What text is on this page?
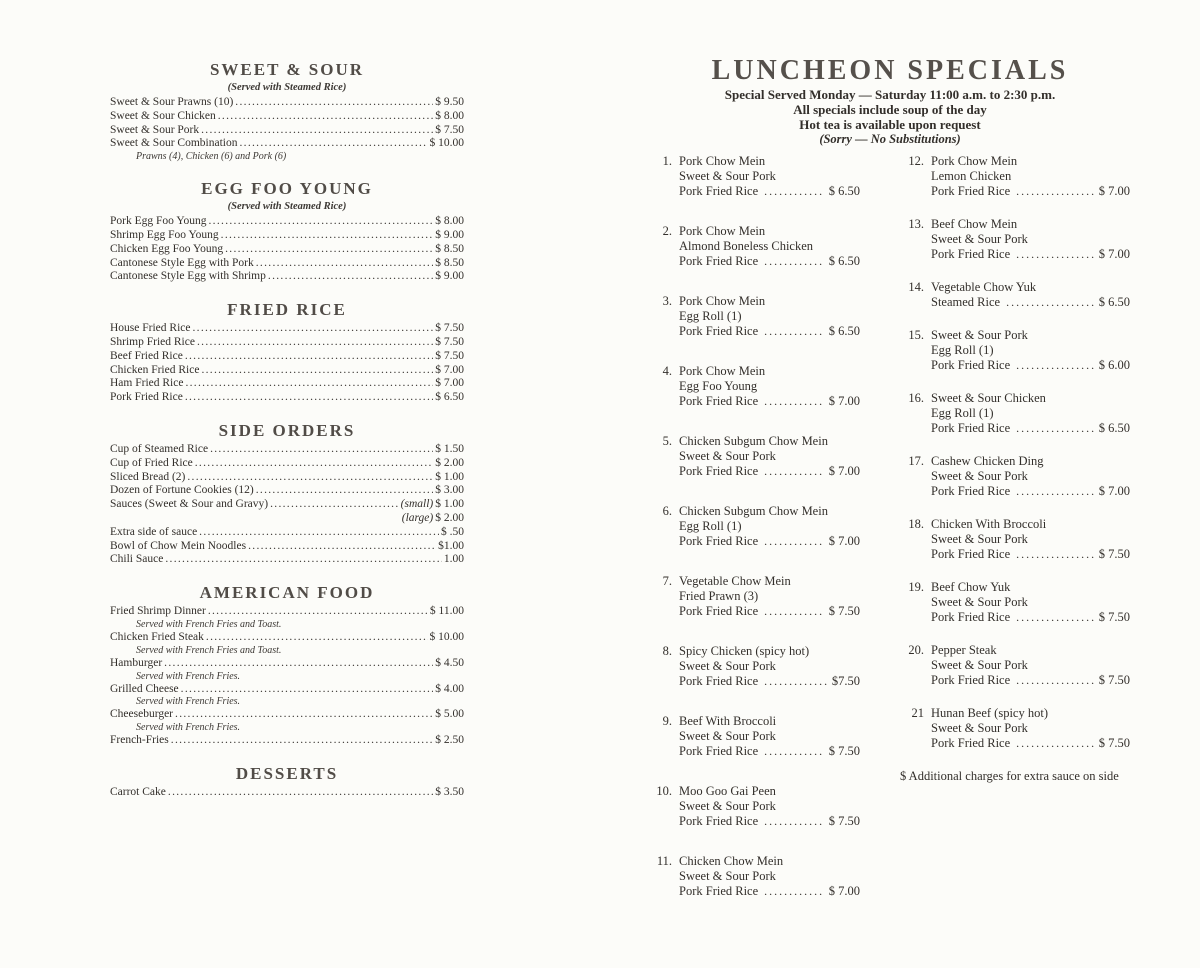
SWEET & SOUR
(Served with Steamed Rice)
Sweet & Sour Prawns (10) .....	$ 9.50
Sweet & Sour Chicken .....	$ 8.00
Sweet & Sour Pork .....	$ 7.50
Sweet & Sour Combination .....	$ 10.00
Prawns (4), Chicken (6) and Pork (6)
EGG FOO YOUNG
(Served with Steamed Rice)
Pork Egg Foo Young .....	$ 8.00
Shrimp Egg Foo Young .....	$ 9.00
Chicken Egg Foo Young .....	$ 8.50
Cantonese Style Egg with Pork .....	$ 8.50
Cantonese Style Egg with Shrimp .....	$ 9.00
FRIED RICE
House Fried Rice .....	$ 7.50
Shrimp Fried Rice .....	$ 7.50
Beef Fried Rice .....	$ 7.50
Chicken Fried Rice .....	$ 7.00
Ham Fried Rice .....	$ 7.00
Pork Fried Rice .....	$ 6.50
SIDE ORDERS
Cup of Steamed Rice .....	$ 1.50
Cup of Fried Rice .....	$ 2.00
Sliced Bread (2) .....	$ 1.00
Dozen of Fortune Cookies (12) .....	$ 3.00
Sauces (Sweet & Sour and Gravy) .....	(small) $ 1.00
(large) $ 2.00
Extra side of sauce .....	$ .50
Bowl of Chow Mein Noodles .....	$1.00
Chili Sauce .....	1.00
AMERICAN FOOD
Fried Shrimp Dinner .....	$ 11.00
Served with French Fries and Toast.
Chicken Fried Steak .....	$ 10.00
Served with French Fries and Toast.
Hamburger .....	$ 4.50
Served with French Fries.
Grilled Cheese .....	$ 4.00
Served with French Fries.
Cheeseburger .....	$ 5.00
Served with French Fries.
French-Fries .....	$ 2.50
DESSERTS
Carrot Cake .....	$ 3.50
LUNCHEON SPECIALS
Special Served Monday — Saturday 11:00 a.m. to 2:30 p.m.
All specials include soup of the day
Hot tea is available upon request
(Sorry — No Substitutions)
1. Pork Chow Mein
Sweet & Sour Pork
Pork Fried Rice .....	$ 6.50
2. Pork Chow Mein
Almond Boneless Chicken
Pork Fried Rice .....	$ 6.50
3. Pork Chow Mein
Egg Roll (1)
Pork Fried Rice .....	$ 6.50
4. Pork Chow Mein
Egg Foo Young
Pork Fried Rice .....	$ 7.00
5. Chicken Subgum Chow Mein
Sweet & Sour Pork
Pork Fried Rice .....	$ 7.00
6. Chicken Subgum Chow Mein
Egg Roll (1)
Pork Fried Rice .....	$ 7.00
7. Vegetable Chow Mein
Fried Prawn (3)
Pork Fried Rice .....	$ 7.50
8. Spicy Chicken (spicy hot)
Sweet & Sour Pork
Pork Fried Rice .....	$7.50
9. Beef With Broccoli
Sweet & Sour Pork
Pork Fried Rice .....	$ 7.50
10. Moo Goo Gai Peen
Sweet & Sour Pork
Pork Fried Rice .....	$ 7.50
11. Chicken Chow Mein
Sweet & Sour Pork
Pork Fried Rice .....	$ 7.00
12. Pork Chow Mein
Lemon Chicken
Pork Fried Rice .....	$ 7.00
13. Beef Chow Mein
Sweet & Sour Pork
Pork Fried Rice .....	$ 7.00
14. Vegetable Chow Yuk
Steamed Rice .....	$ 6.50
15. Sweet & Sour Pork
Egg Roll (1)
Pork Fried Rice .....	$ 6.00
16. Sweet & Sour Chicken
Egg Roll (1)
Pork Fried Rice .....	$ 6.50
17. Cashew Chicken Ding
Sweet & Sour Pork
Pork Fried Rice .....	$ 7.00
18. Chicken With Broccoli
Sweet & Sour Pork
Pork Fried Rice .....	$ 7.50
19. Beef Chow Yuk
Sweet & Sour Pork
Pork Fried Rice .....	$ 7.50
20. Pepper Steak
Sweet & Sour Pork
Pork Fried Rice .....	$ 7.50
21 Hunan Beef (spicy hot)
Sweet & Sour Pork
Pork Fried Rice .....	$ 7.50
$ Additional charges for extra sauce on side
